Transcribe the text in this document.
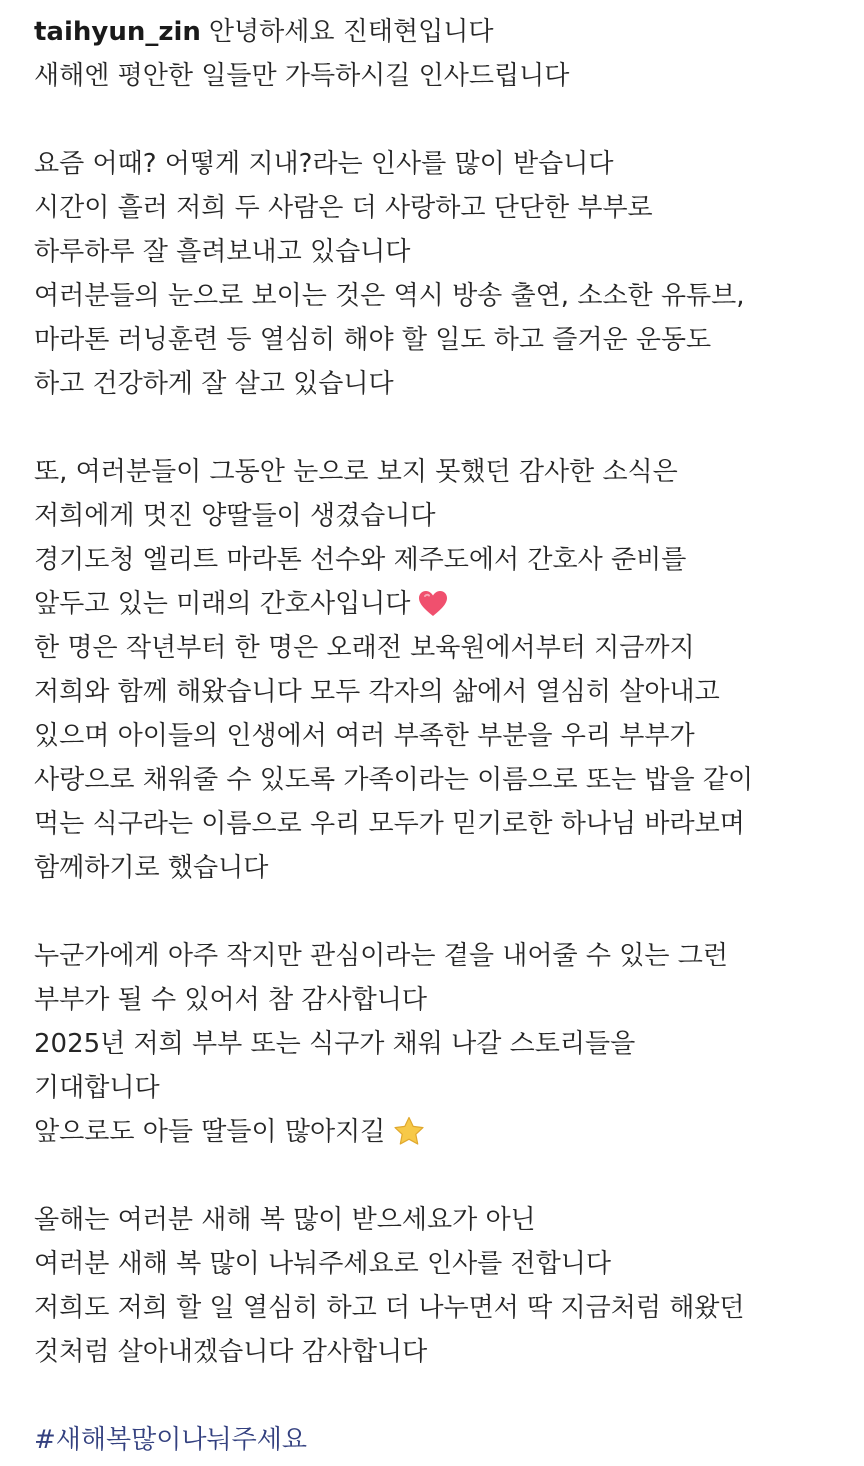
taihyun_zin 안녕하세요 진태현입니다
새해엔 평안한 일들만 가득하시길 인사드립니다
요즘 어때? 어떻게 지내?라는 인사를 많이 받습니다
시간이 흘러 저희 두 사람은 더 사랑하고 단단한 부부로
하루하루 잘 흘려보내고 있습니다
여러분들의 눈으로 보이는 것은 역시 방송 출연, 소소한 유튜브,
마라톤 러닝훈련 등 열심히 해야 할 일도 하고 즐거운 운동도
하고 건강하게 잘 살고 있습니다
또, 여러분들이 그동안 눈으로 보지 못했던 감사한 소식은
저희에게 멋진 양딸들이 생겼습니다
경기도청 엘리트 마라톤 선수와 제주도에서 간호사 준비를
앞두고 있는 미래의 간호사입니다
한 명은 작년부터 한 명은 오래전 보육원에서부터 지금까지
저희와 함께 해왔습니다 모두 각자의 삶에서 열심히 살아내고
있으며 아이들의 인생에서 여러 부족한 부분을 우리 부부가
사랑으로 채워줄 수 있도록 가족이라는 이름으로 또는 밥을 같이
먹는 식구라는 이름으로 우리 모두가 믿기로한 하나님 바라보며
함께하기로 했습니다
누군가에게 아주 작지만 관심이라는 곁을 내어줄 수 있는 그런
부부가 될 수 있어서 참 감사합니다
2025년 저희 부부 또는 식구가 채워 나갈 스토리들을
기대합니다
앞으로도 아들 딸들이 많아지길
올해는 여러분 새해 복 많이 받으세요가 아닌
여러분 새해 복 많이 나눠주세요로 인사를 전합니다
저희도 저희 할 일 열심히 하고 더 나누면서 딱 지금처럼 해왔던
것처럼 살아내겠습니다 감사합니다
#새해복많이나눠주세요
